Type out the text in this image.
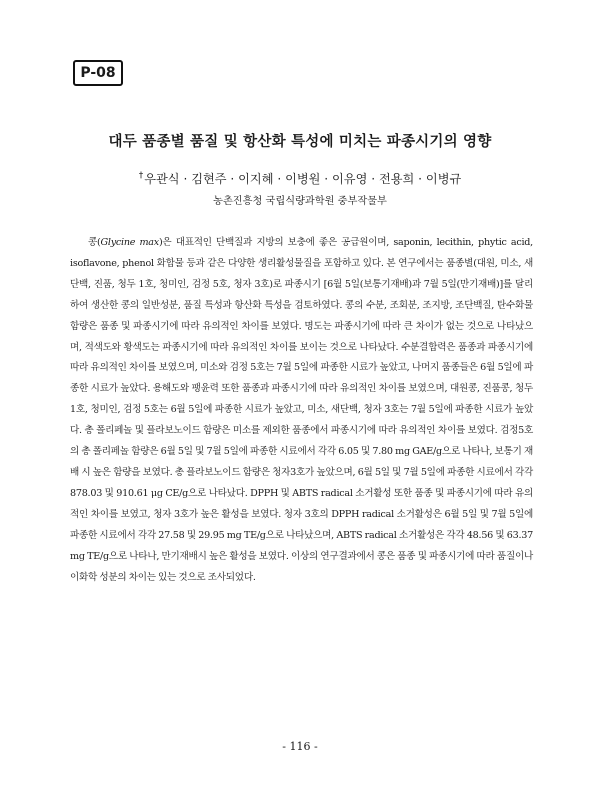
P-08
대두 품종별 품질 및 항산화 특성에 미치는 파종시기의 영향
†우관식 · 김현주 · 이지혜 · 이병원 · 이유영 · 전용희 · 이병규
농촌진흥청 국립식량과학원 중부작물부

콩(Glycine max)은 대표적인 단백질과 지방의 보충에 좋은 공급원이며, saponin, lecithin, phytic acid, isoflavone, phenol 화합물 등과 같은 다양한 생리활성물질을 포함하고 있다. 본 연구에서는 품종별(대원, 미소, 새단백, 진품, 청두 1호, 청미인, 검정 5호, 청자 3호)로 파종시기 [6월 5일(보통기재배)과 7월 5일(만기재배)]를 달리하여 생산한 콩의 일반성분, 품질 특성과 항산화 특성을 검토하였다. 콩의 수분, 조회분, 조지방, 조단백질, 탄수화물 함량은 품종 및 파종시기에 따라 유의적인 차이를 보였다. 명도는 파종시기에 따라 큰 차이가 없는 것으로 나타났으며, 적색도와 황색도는 파종시기에 따라 유의적인 차이를 보이는 것으로 나타났다. 수분결합력은 품종과 파종시기에 따라 유의적인 차이를 보였으며, 미소와 검정 5호는 7월 5일에 파종한 시료가 높았고, 나머지 품종들은 6월 5일에 파종한 시료가 높았다. 용해도와 팽윤력 또한 품종과 파종시기에 따라 유의적인 차이를 보였으며, 대원콩, 진품콩, 청두 1호, 청미인, 검정 5호는 6월 5일에 파종한 시료가 높았고, 미소, 새단백, 청자 3호는 7월 5일에 파종한 시료가 높았다. 총 폴리페놀 및 플라보노이드 함량은 미소를 제외한 품종에서 파종시기에 따라 유의적인 차이를 보였다. 검정5호의 총 폴리페놀 함량은 6월 5일 및 7월 5일에 파종한 시료에서 각각 6.05 및 7.80 mg GAE/g으로 나타나, 보통기 재배 시 높은 함량을 보였다. 총 플라보노이드 함량은 청자3호가 높았으며, 6월 5일 및 7월 5일에 파종한 시료에서 각각 878.03 및 910.61 μg CE/g으로 나타났다. DPPH 및 ABTS radical 소거활성 또한 품종 및 파종시기에 따라 유의적인 차이를 보였고, 청자 3호가 높은 활성을 보였다. 청자 3호의 DPPH radical 소거활성은 6월 5일 및 7월 5일에 파종한 시료에서 각각 27.58 및 29.95 mg TE/g으로 나타났으며, ABTS radical 소거활성은 각각 48.56 및 63.37 mg TE/g으로 나타나, 만기재배시 높은 활성을 보였다. 이상의 연구결과에서 콩은 품종 및 파종시기에 따라 품질이나 이화학 성분의 차이는 있는 것으로 조사되었다.

- 116 -
